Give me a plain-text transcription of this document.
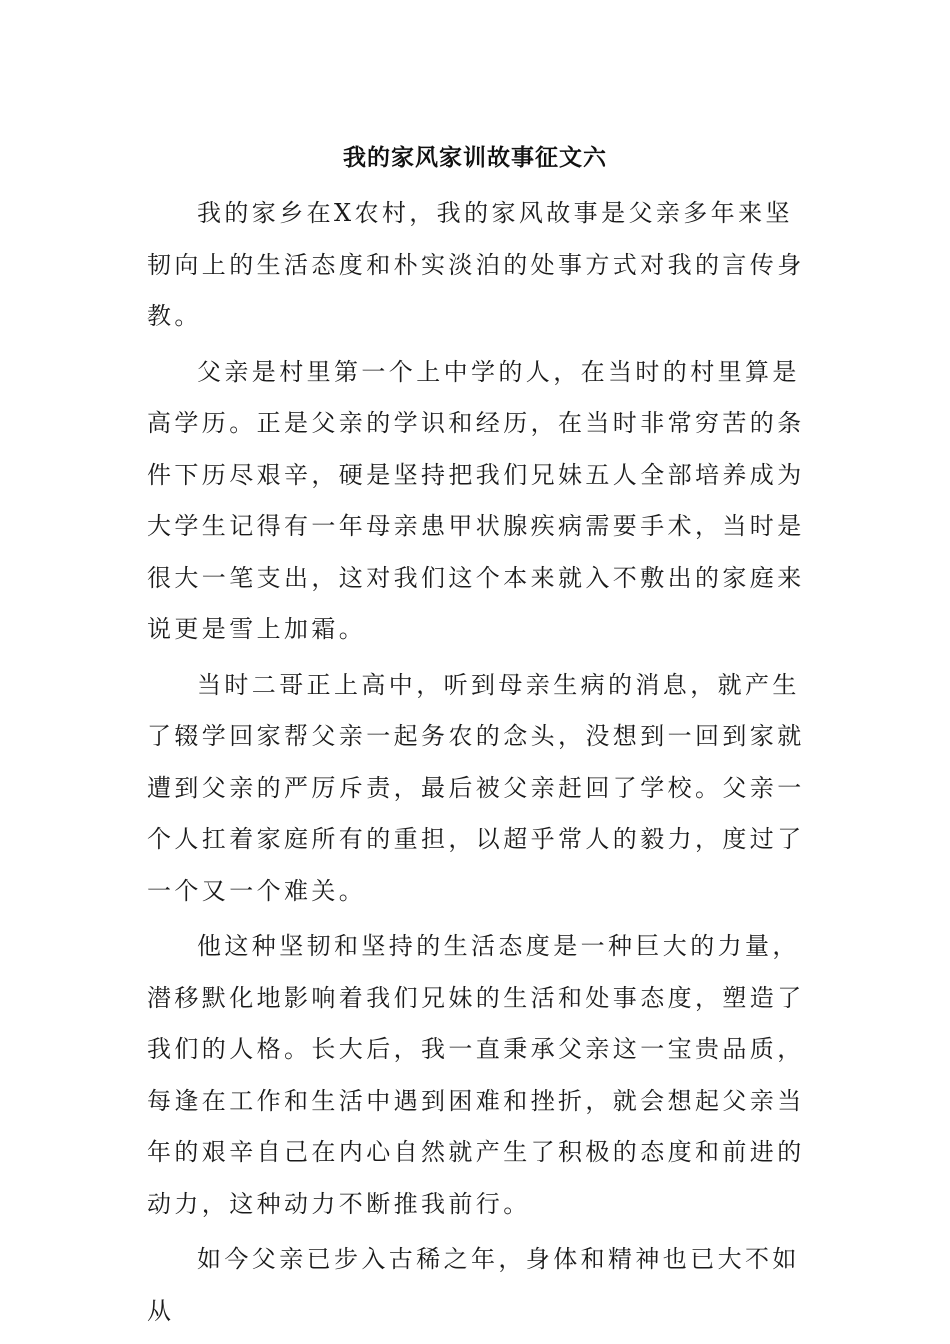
我的家风家训故事征文六

我的家乡在X农村，我的家风故事是父亲多年来坚韧向上的生活态度和朴实淡泊的处事方式对我的言传身教。

父亲是村里第一个上中学的人，在当时的村里算是高学历。正是父亲的学识和经历，在当时非常穷苦的条件下历尽艰辛，硬是坚持把我们兄妹五人全部培养成为大学生记得有一年母亲患甲状腺疾病需要手术，当时是很大一笔支出，这对我们这个本来就入不敷出的家庭来说更是雪上加霜。

当时二哥正上高中，听到母亲生病的消息，就产生了辍学回家帮父亲一起务农的念头，没想到一回到家就遭到父亲的严厉斥责，最后被父亲赶回了学校。父亲一个人扛着家庭所有的重担，以超乎常人的毅力，度过了一个又一个难关。

他这种坚韧和坚持的生活态度是一种巨大的力量，潜移默化地影响着我们兄妹的生活和处事态度，塑造了我们的人格。长大后，我一直秉承父亲这一宝贵品质，每逢在工作和生活中遇到困难和挫折，就会想起父亲当年的艰辛自己在内心自然就产生了积极的态度和前进的动力，这种动力不断推我前行。

如今父亲已步入古稀之年，身体和精神也已大不如从
